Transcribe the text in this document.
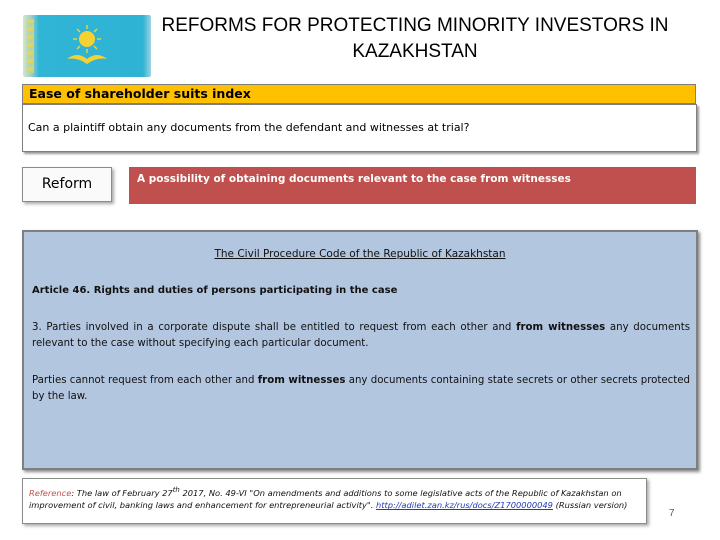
REFORMS FOR PROTECTING MINORITY INVESTORS IN
KAZAKHSTAN
Ease of shareholder suits index
Can a plaintiff obtain any documents from the defendant and witnesses at trial?
Reform	A possibility of obtaining documents relevant to the case from witnesses
The Civil Procedure Code of the Republic of Kazakhstan
Article 46. Rights and duties of persons participating in the case
3. Parties involved in a corporate dispute shall be entitled to request from each other and from witnesses any documents relevant to the case without specifying each particular document.
Parties cannot request from each other and from witnesses any documents containing state secrets or other secrets protected by the law.
Reference: The law of February 27th 2017, No. 49-VI "On amendments and additions to some legislative acts of the Republic of Kazakhstan on improvement of civil, banking laws and enhancement for entrepreneurial activity". http://adilet.zan.kz/rus/docs/Z1700000049 (Russian version)
7
